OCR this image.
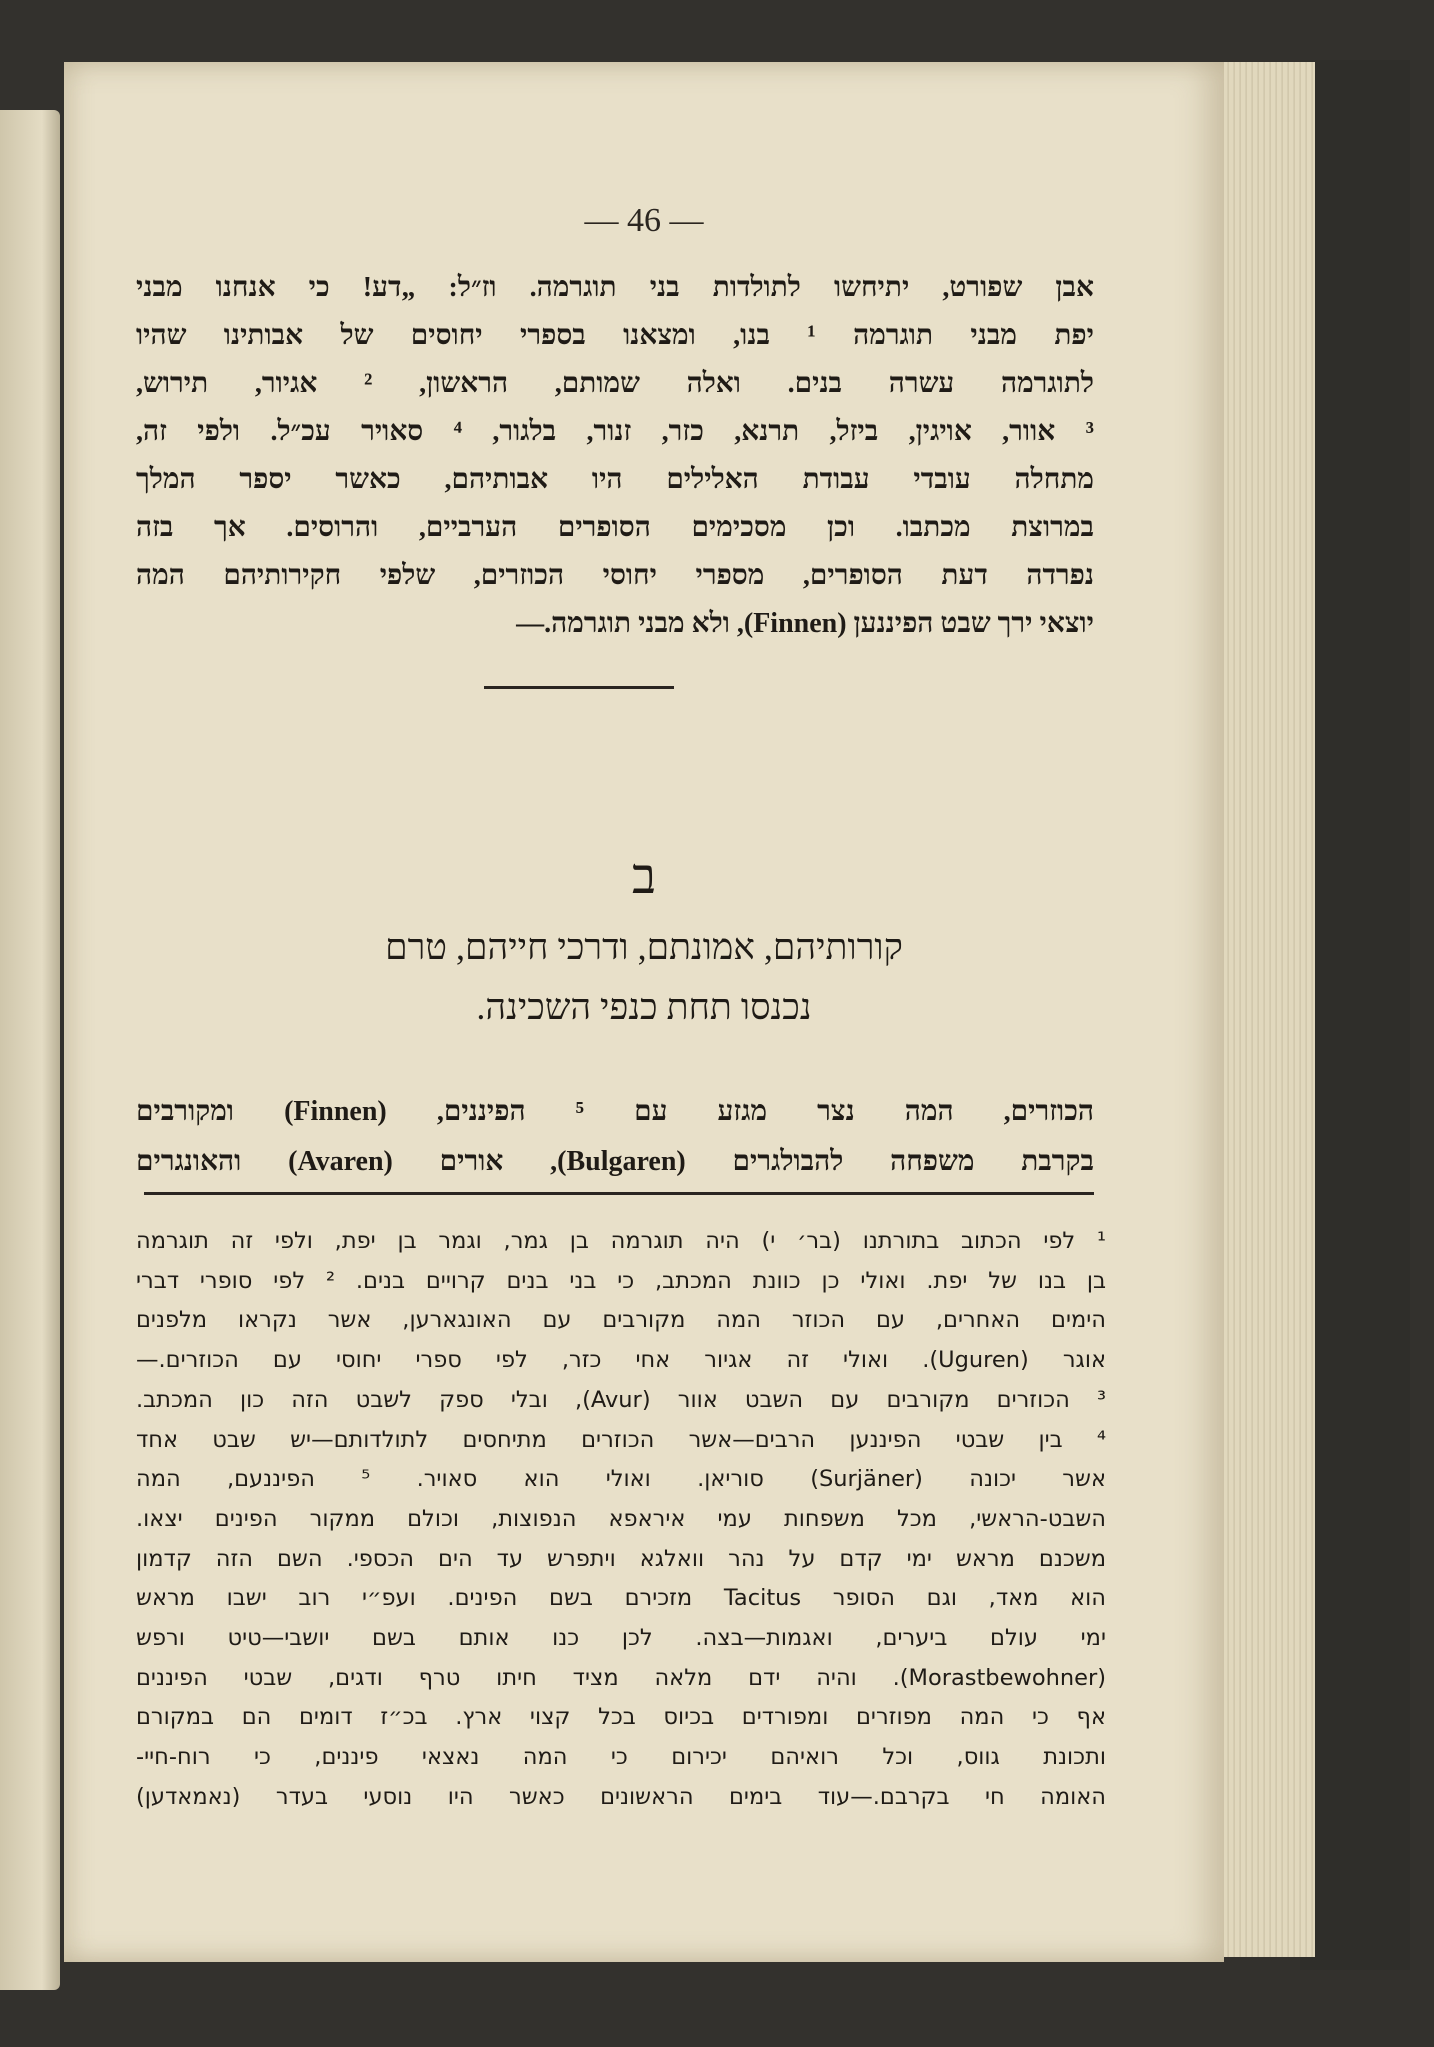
— 46 —
אבן שפורט, יתיחשו לתולדות בני תוגרמה. וז״ל: „דע! כי אנחנו מבני
יפת מבני תוגרמה ¹ בנו, ומצאנו בספרי יחוסים של אבותינו שהיו
לתוגרמה עשרה בנים. ואלה שמותם, הראשון, ² אגיור, תירוש,
³ אוור, אויגין, ביזל, תרנא, כזר, זנור, בלגור, ⁴ סאויר עכ״ל. ולפי זה,
מתחלה עובדי עבודת האלילים היו אבותיהם, כאשר יספר המלך
במרוצת מכתבו. וכן מסכימים הסופרים הערביים, והרוסים. אך בזה
נפרדה דעת הסופרים, מספרי יחוסי הכוזרים, שלפי חקירותיהם המה
יוצאי ירך שבט הפיננען (Finnen), ולא מבני תוגרמה.—
ב
קורותיהם, אמונתם, ודרכי חייהם, טרם
נכנסו תחת כנפי השכינה.
הכוזרים, המה נצר מגזע עם ⁵ הפיננים, (Finnen) ומקורבים
בקרבת משפחה להבולגרים (Bulgaren), אורים (Avaren) והאונגרים
¹ לפי הכתוב בתורתנו (בר׳ י) היה תוגרמה בן גמר, וגמר בן יפת, ולפי זה תוגרמה
בן בנו של יפת. ואולי כן כוונת המכתב, כי בני בנים קרויים בנים. ² לפי סופרי דברי
הימים האחרים, עם הכוזר המה מקורבים עם האונגארען, אשר נקראו מלפנים
אוגר (Uguren). ואולי זה אגיור אחי כזר, לפי ספרי יחוסי עם הכוזרים.—
³ הכוזרים מקורבים עם השבט אוור (Avur), ובלי ספק לשבט הזה כון המכתב.
⁴ בין שבטי הפיננען הרבים—אשר הכוזרים מתיחסים לתולדותם—יש שבט אחד
אשר יכונה (Surjäner) סוריאן. ואולי הוא סאויר. ⁵ הפיננעם, המה
השבט-הראשי, מכל משפחות עמי איראפא הנפוצות, וכולם ממקור הפינים יצאו.
משכנם מראש ימי קדם על נהר וואלגא ויתפרש עד הים הכספי. השם הזה קדמון
הוא מאד, וגם הסופר Tacitus מזכירם בשם הפינים. ועפ״י רוב ישבו מראש
ימי עולם ביערים, ואגמות—בצה. לכן כנו אותם בשם יושבי—טיט ורפש
(Morastbewohner). והיה ידם מלאה מציד חיתו טרף ודגים, שבטי הפיננים
אף כי המה מפוזרים ומפורדים בכיוס בכל קצוי ארץ. בכ״ז דומים הם במקורם
ותכונת גווס, וכל רואיהם יכירום כי המה נאצאי פיננים, כי רוח-חיי-
האומה חי בקרבם.—עוד בימים הראשונים כאשר היו נוסעי בעדר (נאמאדען)
